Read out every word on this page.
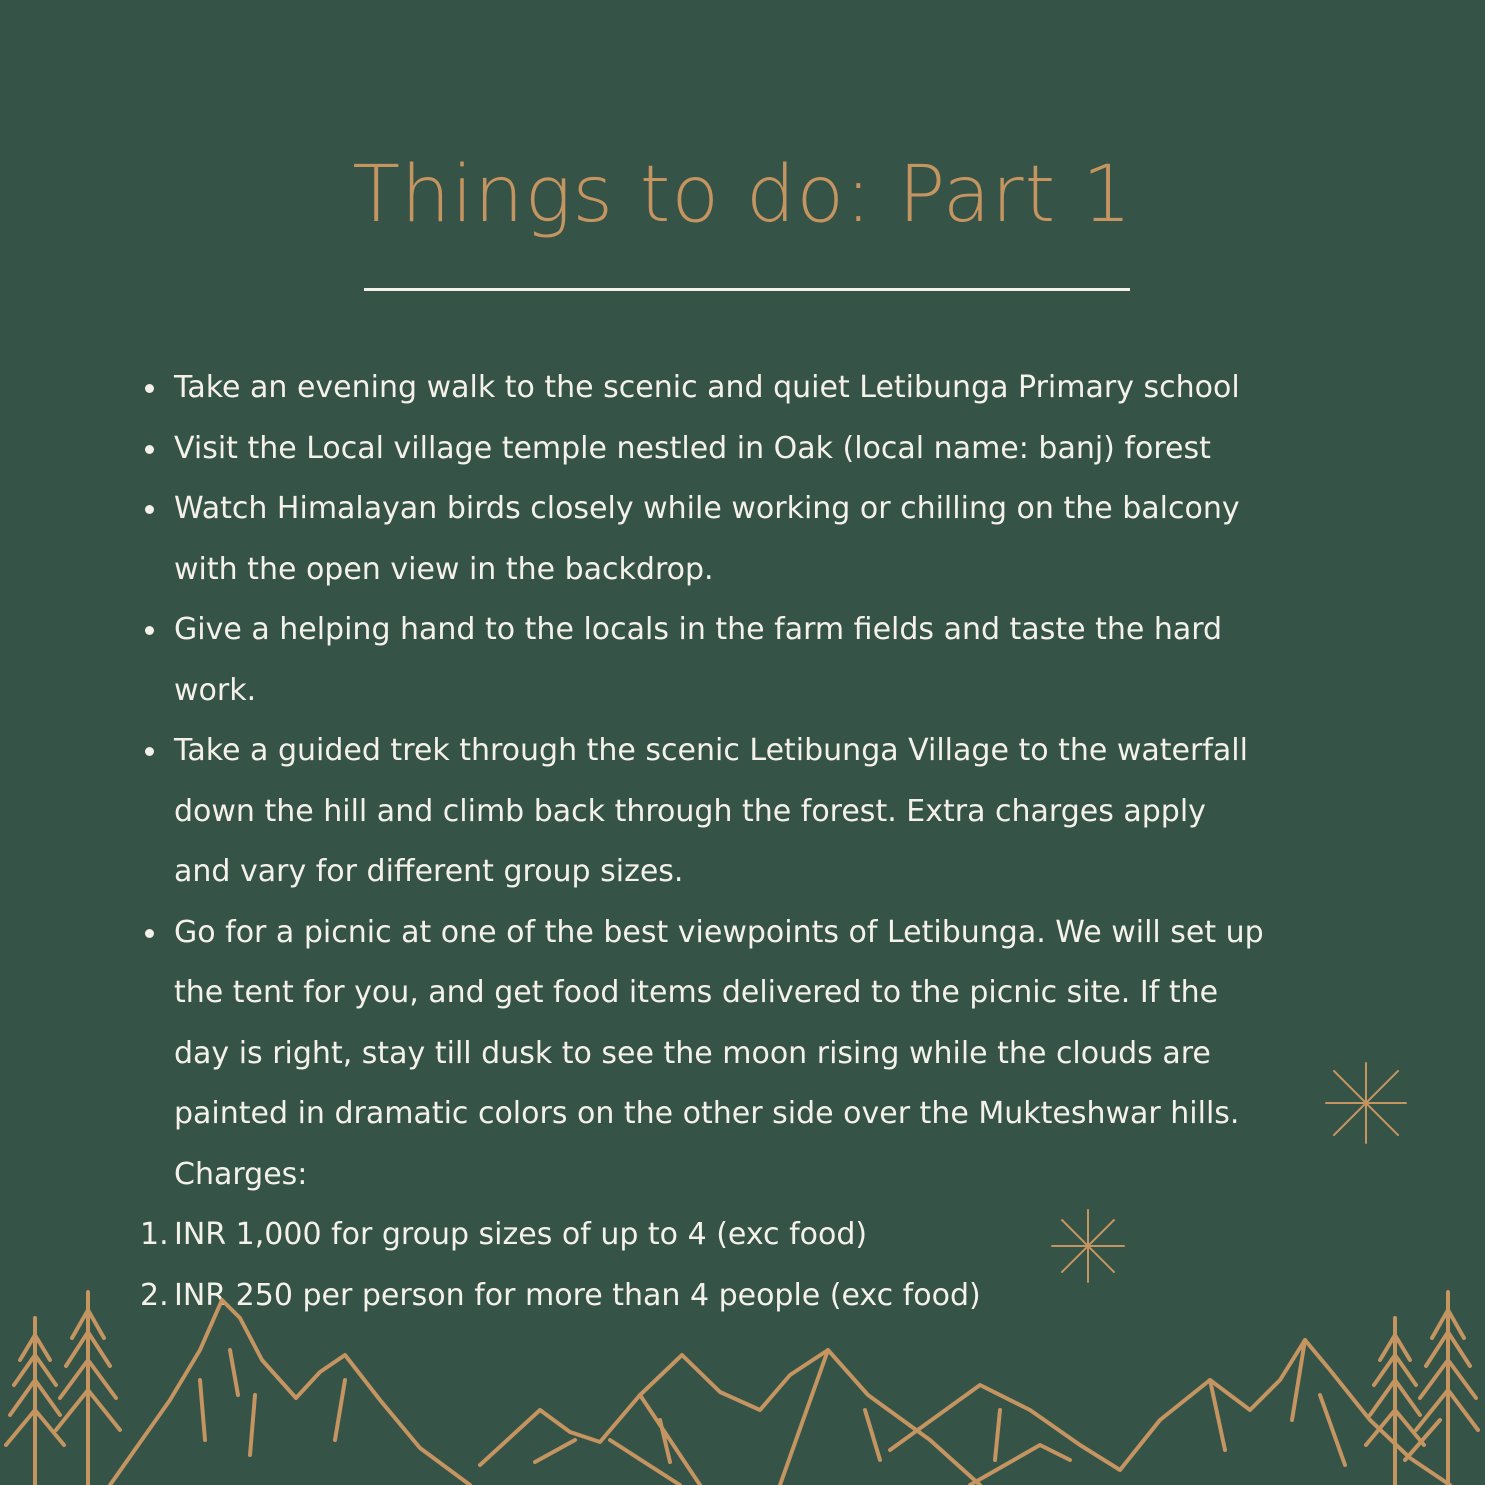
Things to do: Part 1
Take an evening walk to the scenic and quiet Letibunga Primary school
Visit the Local village temple nestled in Oak (local name: banj) forest
Watch Himalayan birds closely while working or chilling on the balcony
with the open view in the backdrop.
Give a helping hand to the locals in the farm fields and taste the hard
work.
Take a guided trek through the scenic Letibunga Village to the waterfall
down the hill and climb back through the forest. Extra charges apply
and vary for different group sizes.
Go for a picnic at one of the best viewpoints of Letibunga. We will set up
the tent for you, and get food items delivered to the picnic site. If the
day is right, stay till dusk to see the moon rising while the clouds are
painted in dramatic colors on the other side over the Mukteshwar hills.
Charges:
1. INR 1,000 for group sizes of up to 4 (exc food)
2. INR 250 per person for more than 4 people (exc food)
